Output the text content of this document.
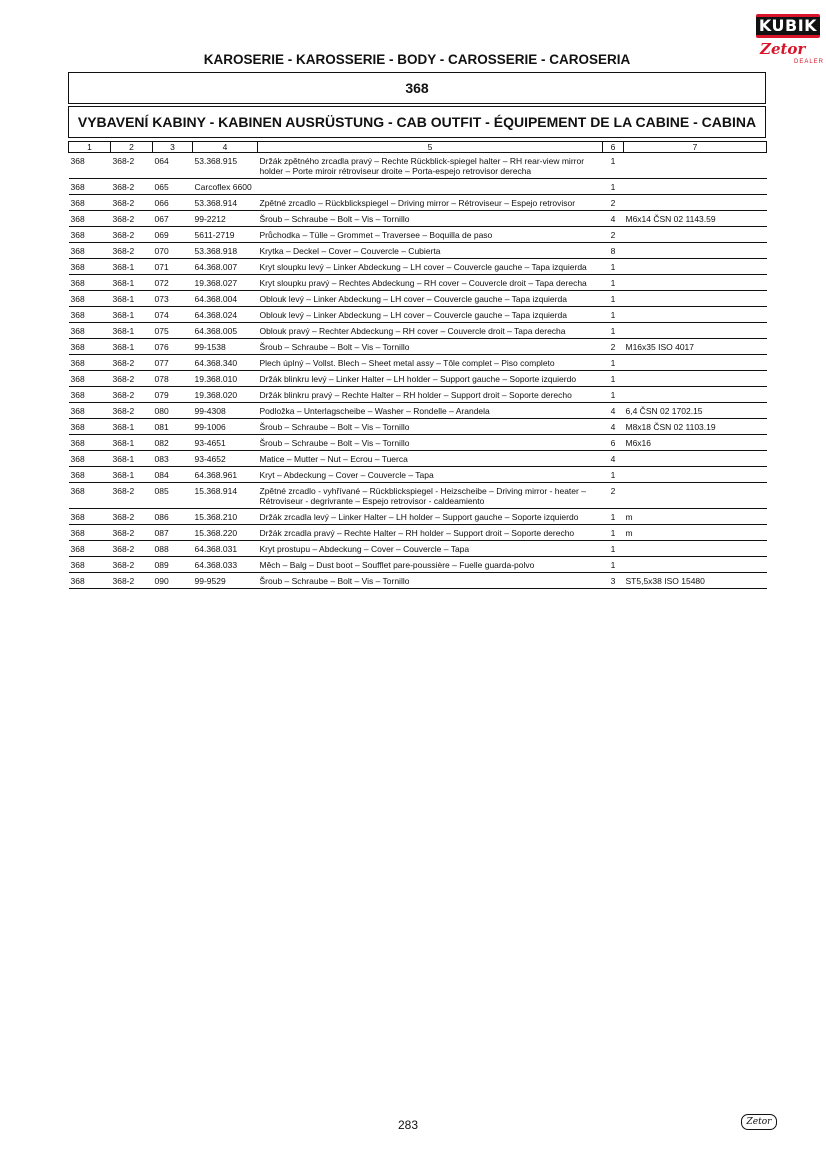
KUBIK
Zetor
DEALER
KAROSERIE - KAROSSERIE - BODY - CAROSSERIE - CAROSERIA
368
VYBAVENÍ KABINY - KABINEN AUSRÜSTUNG - CAB OUTFIT - ÉQUIPEMENT DE LA CABINE - CABINA
1	2	3	4	5	6	7
368	368-2	064	53.368.915	Držák zpětného zrcadla pravý – Rechte Rückblick-spiegel halter – RH rear-view mirror holder – Porte miroir rétroviseur droite – Porta-espejo retrovisor derecha	1	
368	368-2	065	Carcoflex 6600		1	
368	368-2	066	53.368.914	Zpětné zrcadlo – Rückblickspiegel – Driving mirror – Rétroviseur – Espejo retrovisor	2	
368	368-2	067	99-2212	Šroub – Schraube – Bolt – Vis – Tornillo	4	M6x14 ČSN 02 1143.59
368	368-2	069	5611-2719	Průchodka – Tülle – Grommet – Traversee – Boquilla de paso	2	
368	368-2	070	53.368.918	Krytka – Deckel – Cover – Couvercle – Cubierta	8	
368	368-1	071	64.368.007	Kryt sloupku levý – Linker Abdeckung – LH cover – Couvercle gauche – Tapa izquierda	1	
368	368-1	072	19.368.027	Kryt sloupku pravý – Rechtes Abdeckung – RH cover – Couvercle droit – Tapa derecha	1	
368	368-1	073	64.368.004	Oblouk levý – Linker Abdeckung – LH cover – Couvercle gauche – Tapa izquierda	1	
368	368-1	074	64.368.024	Oblouk levý – Linker Abdeckung – LH cover – Couvercle gauche – Tapa izquierda	1	
368	368-1	075	64.368.005	Oblouk pravý – Rechter Abdeckung – RH cover – Couvercle droit – Tapa derecha	1	
368	368-1	076	99-1538	Šroub – Schraube – Bolt – Vis – Tornillo	2	M16x35 ISO 4017
368	368-2	077	64.368.340	Plech úplný – Vollst. Blech – Sheet metal assy – Tôle complet – Piso completo	1	
368	368-2	078	19.368.010	Držák blinkru levý – Linker Halter – LH holder – Support gauche – Soporte izquierdo	1	
368	368-2	079	19.368.020	Držák blinkru pravý – Rechte Halter – RH holder – Support droit – Soporte derecho	1	
368	368-2	080	99-4308	Podložka – Unterlagscheibe – Washer – Rondelle – Arandela	4	6,4 ČSN 02 1702.15
368	368-1	081	99-1006	Šroub – Schraube – Bolt – Vis – Tornillo	4	M8x18 ČSN 02 1103.19
368	368-1	082	93-4651	Šroub – Schraube – Bolt – Vis – Tornillo	6	M6x16
368	368-1	083	93-4652	Matice – Mutter – Nut – Ecrou – Tuerca	4	
368	368-1	084	64.368.961	Kryt – Abdeckung – Cover – Couvercle – Tapa	1	
368	368-2	085	15.368.914	Zpětné zrcadlo - vyhřívané – Rückblickspiegel - Heizscheibe – Driving mirror - heater – Rétroviseur - degrivrante – Espejo retrovisor - caldeamiento	2	
368	368-2	086	15.368.210	Držák zrcadla levý – Linker Halter – LH holder – Support gauche – Soporte izquierdo	1	m
368	368-2	087	15.368.220	Držák zrcadla pravý – Rechte Halter – RH holder – Support droit – Soporte derecho	1	m
368	368-2	088	64.368.031	Kryt prostupu – Abdeckung – Cover – Couvercle – Tapa	1	
368	368-2	089	64.368.033	Měch – Balg – Dust boot – Soufflet pare-poussière – Fuelle guarda-polvo	1	
368	368-2	090	99-9529	Šroub – Schraube – Bolt – Vis – Tornillo	3	ST5,5x38 ISO 15480
283	Zetor
